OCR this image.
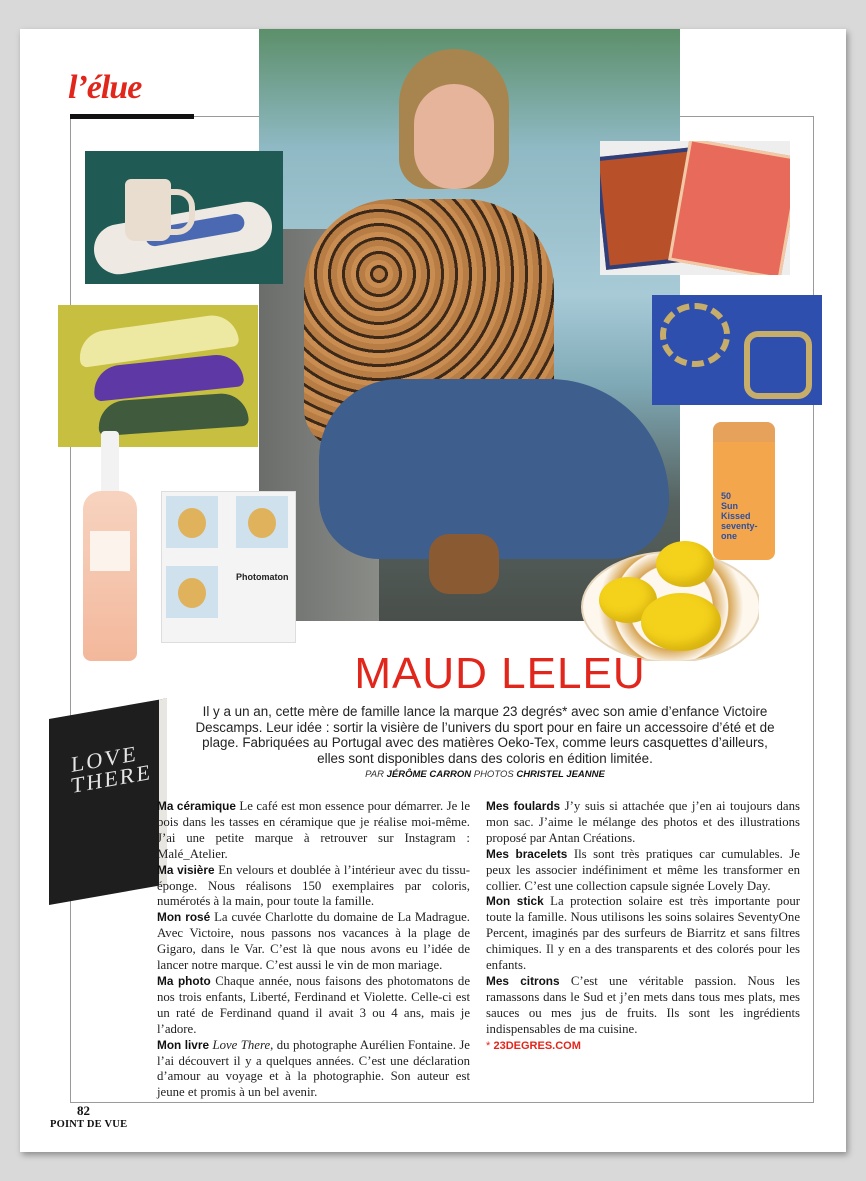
l’élue
Photomaton
50
Sun Kissed
seventy-one
LOVE THERE
MAUD LELEU
Il y a un an, cette mère de famille lance la marque 23 degrés* avec son amie d’enfance Victoire Descamps. Leur idée : sortir la visière de l’univers du sport pour en faire un accessoire d’été et de plage. Fabriquées au Portugal avec des matières Oeko-Tex, comme leurs casquettes d’ailleurs, elles sont disponibles dans des coloris en édition limitée.
PAR JÉRÔME CARRON PHOTOS CHRISTEL JEANNE

Ma céramique Le café est mon essence pour démarrer. Je le bois dans les tasses en céramique que je réalise moi-même. J’ai une petite marque à retrouver sur Instagram : Malé_Atelier.

Ma visière En velours et doublée à l’intérieur avec du tissu-éponge. Nous réalisons 150 exemplaires par coloris, numérotés à la main, pour toute la famille.

Mon rosé La cuvée Charlotte du domaine de La Madrague. Avec Victoire, nous passons nos vacances à la plage de Gigaro, dans le Var. C’est là que nous avons eu l’idée de lancer notre marque. C’est aussi le vin de mon mariage.

Ma photo Chaque année, nous faisons des photomatons de nos trois enfants, Liberté, Ferdinand et Violette. Celle-ci est un raté de Ferdinand quand il avait 3 ou 4 ans, mais je l’adore.

Mon livre Love There, du photographe Aurélien Fontaine. Je l’ai découvert il y a quelques années. C’est une déclaration d’amour au voyage et à la photographie. Son auteur est jeune et promis à un bel avenir.

Mes foulards J’y suis si attachée que j’en ai toujours dans mon sac. J’aime le mélange des photos et des illustrations proposé par Antan Créations.

Mes bracelets Ils sont très pratiques car cumulables. Je peux les associer indéfiniment et même les transformer en collier. C’est une collection capsule signée Lovely Day.

Mon stick La protection solaire est très importante pour toute la famille. Nous utilisons les soins solaires SeventyOne Percent, imaginés par des surfeurs de Biarritz et sans filtres chimiques. Il y en a des transparents et des colorés pour les enfants.

Mes citrons C’est une véritable passion. Nous les ramassons dans le Sud et j’en mets dans tous mes plats, mes sauces ou mes jus de fruits. Ils sont les ingrédients indispensables de ma cuisine.

* 23DEGRES.COM

82
POINT DE VUE
